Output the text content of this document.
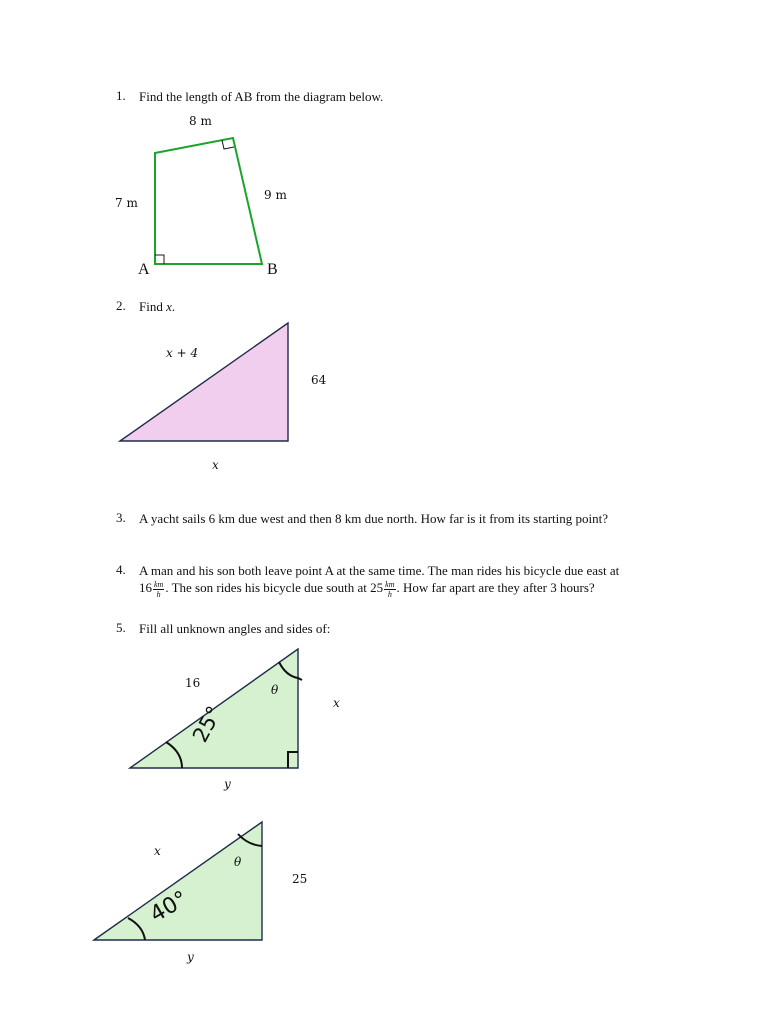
1. Find the length of AB from the diagram below.
8 m
7 m
9 m
A	B
2. Find x.
x + 4
64
x
3. A yacht sails 6 km due west and then 8 km due north. How far is it from its starting point?
4. A man and his son both leave point A at the same time. The man rides his bicycle due east at
$16 \frac{km}{h}$ . The son rides his bicycle due south at $25 \frac{km}{h}$ . How far apart are they after 3 hours?
5. Fill all unknown angles and sides of:
16
x
y
θ
25°
x
25
y
θ
40°
